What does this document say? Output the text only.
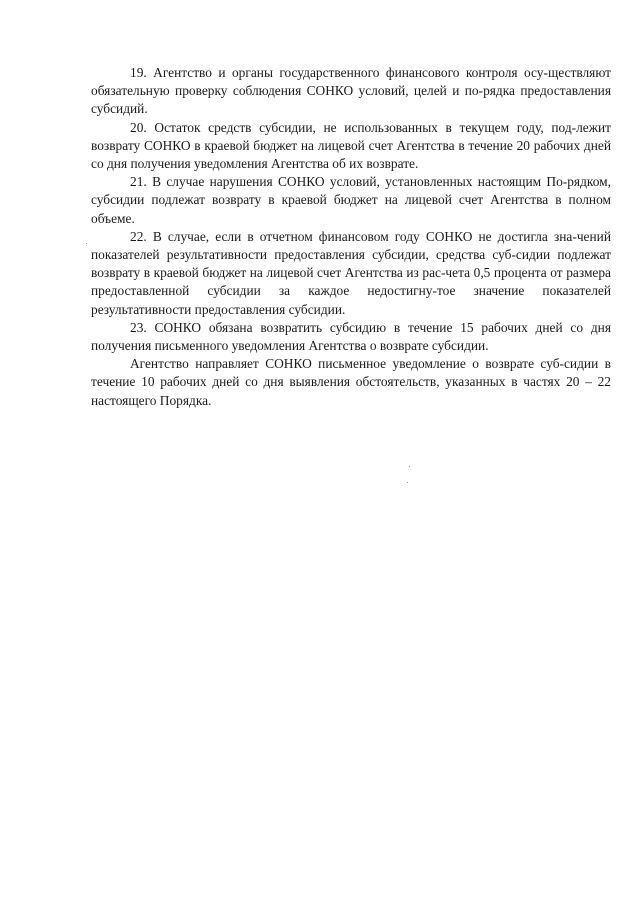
19. Агентство и органы государственного финансового контроля осу-ществляют обязательную проверку соблюдения СОНКО условий, целей и по-рядка предоставления субсидий.

20. Остаток средств субсидии, не использованных в текущем году, под-лежит возврату СОНКО в краевой бюджет на лицевой счет Агентства в течение 20 рабочих дней со дня получения уведомления Агентства об их возврате.

21. В случае нарушения СОНКО условий, установленных настоящим По-рядком, субсидии подлежат возврату в краевой бюджет на лицевой счет Агентства в полном объеме.

22. В случае, если в отчетном финансовом году СОНКО не достигла зна-чений показателей результативности предоставления субсидии, средства суб-сидии подлежат возврату в краевой бюджет на лицевой счет Агентства из рас-чета 0,5 процента от размера предоставленной субсидии за каждое недостигну-тое значение показателей результативности предоставления субсидии.

23. СОНКО обязана возвратить субсидию в течение 15 рабочих дней со дня получения письменного уведомления Агентства о возврате субсидии.

Агентство направляет СОНКО письменное уведомление о возврате суб-сидии в течение 10 рабочих дней со дня выявления обстоятельств, указанных в частях 20 – 22 настоящего Порядка.
